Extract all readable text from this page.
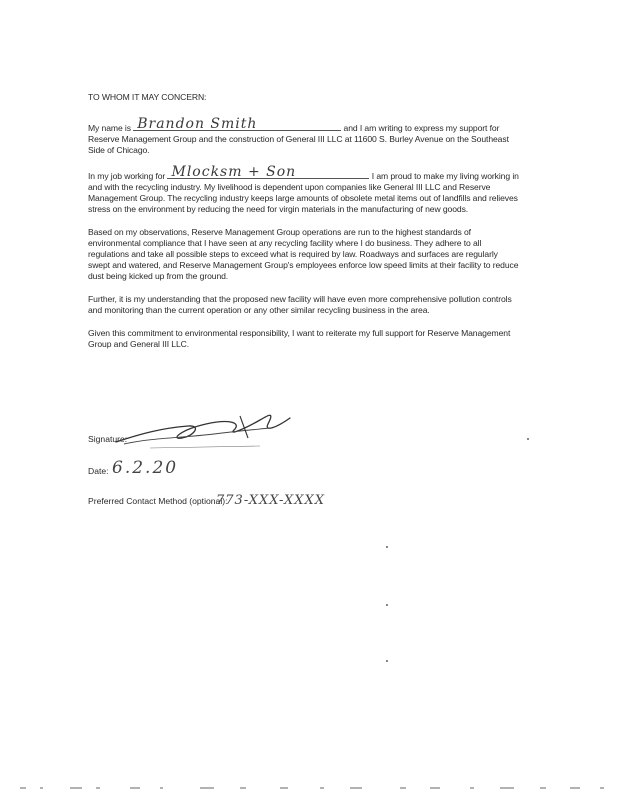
TO WHOM IT MAY CONCERN:

My name is Brandon Smith	and I am writing to express my support for Reserve Management Group and the construction of General III LLC at 11600 S. Burley Avenue on the Southeast Side of Chicago.

In my job working for Mlocksm + Son	I am proud to make my living working in and with the recycling industry. My livelihood is dependent upon companies like General III LLC and Reserve Management Group. The recycling industry keeps large amounts of obsolete metal items out of landfills and relieves stress on the environment by reducing the need for virgin materials in the manufacturing of new goods.

Based on my observations, Reserve Management Group operations are run to the highest standards of environmental compliance that I have seen at any recycling facility where I do business. They adhere to all regulations and take all possible steps to exceed what is required by law. Roadways and surfaces are regularly swept and watered, and Reserve Management Group's employees enforce low speed limits at their facility to reduce dust being kicked up from the ground.

Further, it is my understanding that the proposed new facility will have even more comprehensive pollution controls and monitoring than the current operation or any other similar recycling business in the area.

Given this commitment to environmental responsibility, I want to reiterate my full support for Reserve Management Group and General III LLC.

Signature:
Date: 6.2.20
Preferred Contact Method (optional):
773-XXX-XXXX
